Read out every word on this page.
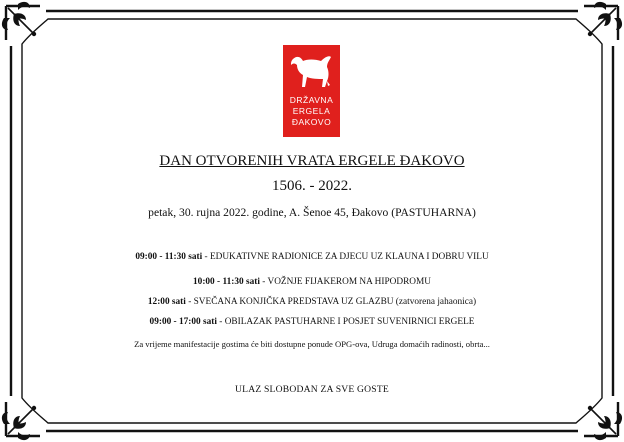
DRŽAVNA
ERGELA
ĐAKOVO
DAN OTVORENIH VRATA ERGELE ĐAKOVO
1506. - 2022.
petak, 30. rujna 2022. godine, A. Šenoe 45, Đakovo (PASTUHARNA)
09:00 - 11:30 sati - EDUKATIVNE RADIONICE ZA DJECU UZ KLAUNA I DOBRU VILU
10:00 - 11:30 sati - VOŽNJE FIJAKEROM NA HIPODROMU
12:00 sati - SVEČANA KONJIČKA PREDSTAVA UZ GLAZBU (zatvorena jahaonica)
09:00 - 17:00 sati - OBILAZAK PASTUHARNE I POSJET SUVENIRNICI ERGELE
Za vrijeme manifestacije gostima će biti dostupne ponude OPG-ova, Udruga domaćih radinosti, obrta...
ULAZ SLOBODAN ZA SVE GOSTE
